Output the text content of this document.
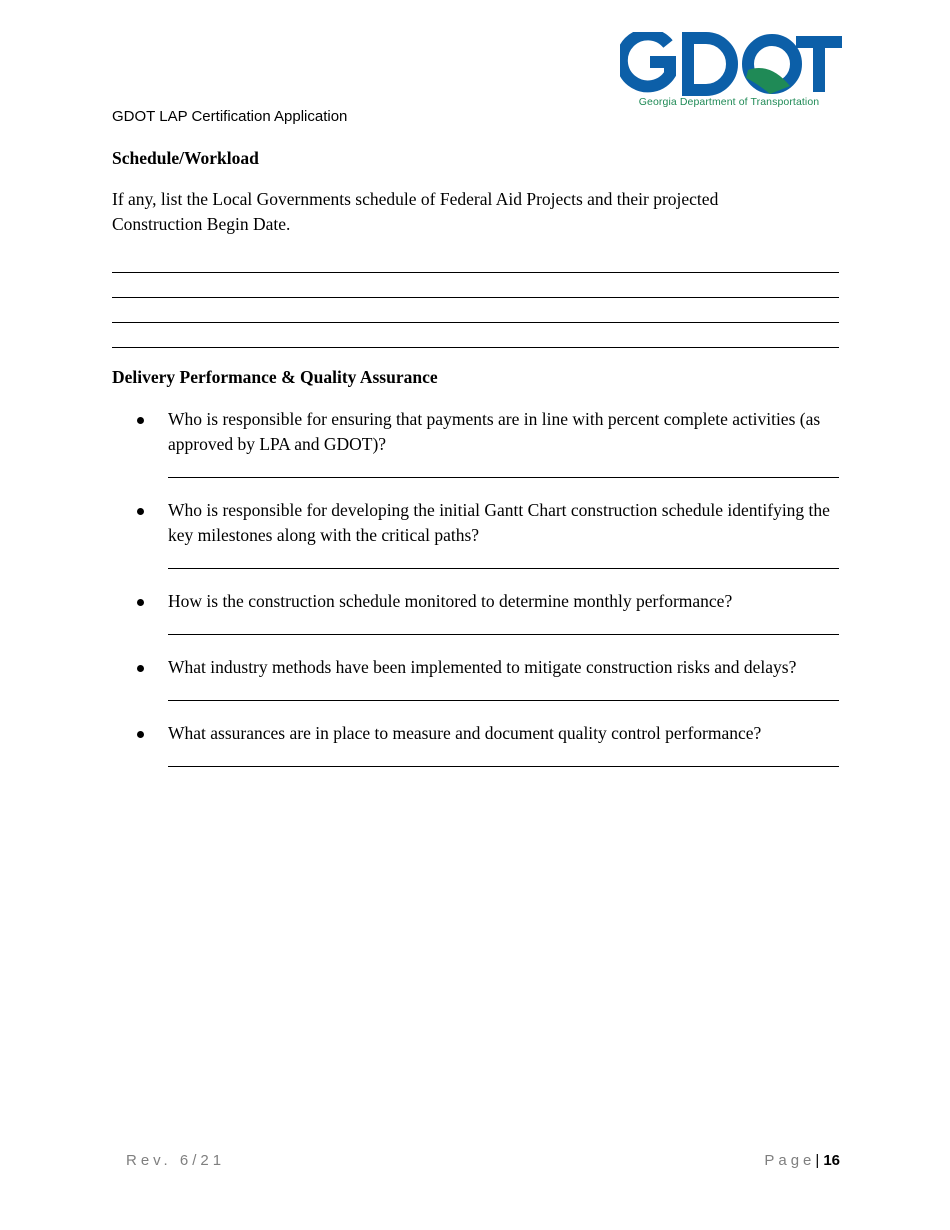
Georgia Department of Transportation
GDOT LAP Certification Application
Schedule/Workload
If any, list the Local Governments schedule of Federal Aid Projects and their projected Construction Begin Date.
Delivery Performance & Quality Assurance
Who is responsible for ensuring that payments are in line with percent complete activities (as approved by LPA and GDOT)?
Who is responsible for developing the initial Gantt Chart construction schedule identifying the key milestones along with the critical paths?
How is the construction schedule monitored to determine monthly performance?
What industry methods have been implemented to mitigate construction risks and delays?
What assurances are in place to measure and document quality control performance?
Rev. 6/21	Page| 16
